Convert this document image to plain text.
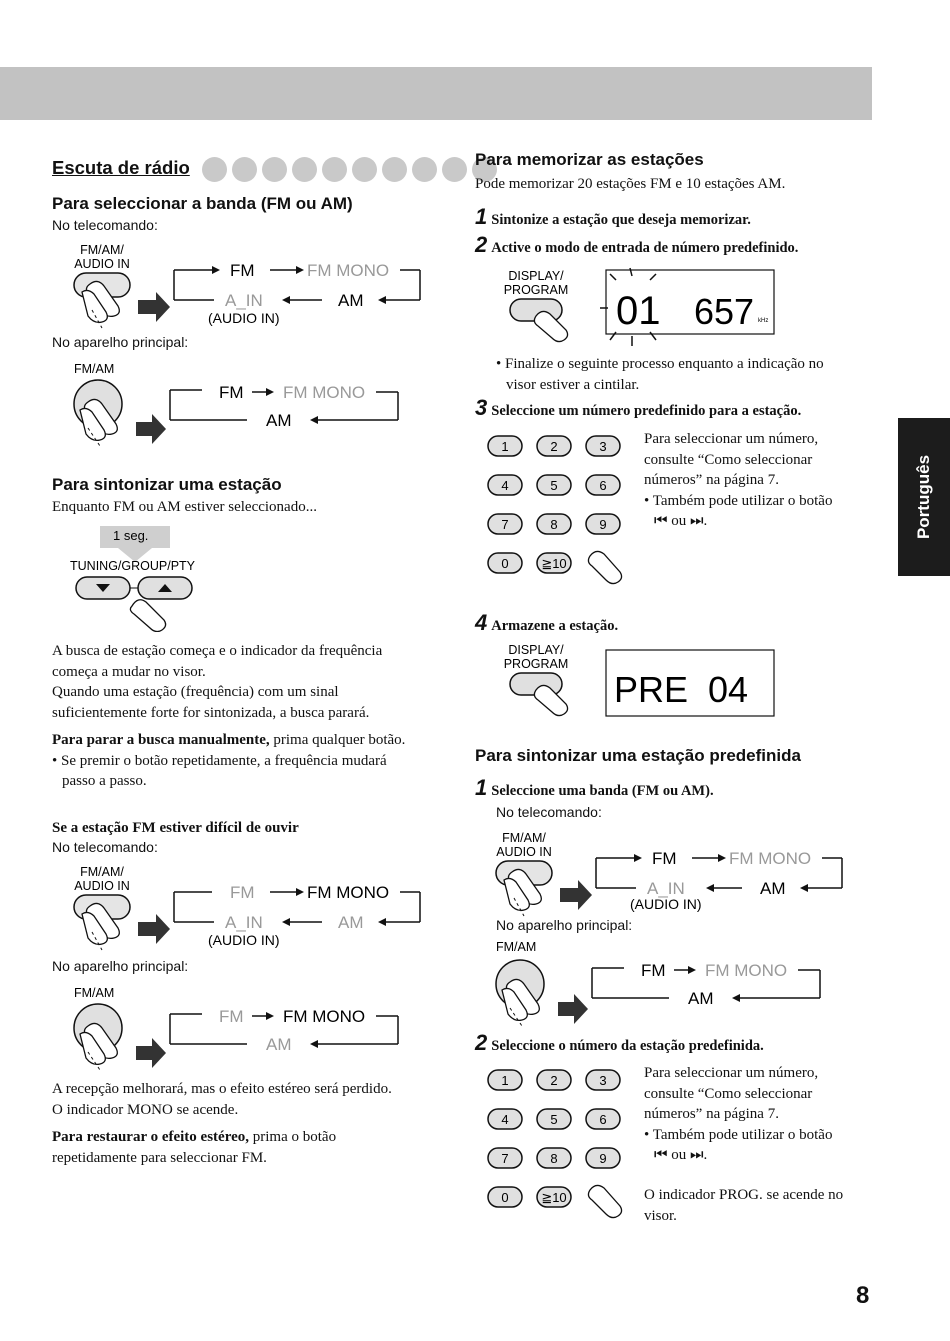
Português
Escuta de rádio
Para seleccionar a banda (FM ou AM)
No telecomando:
FM/AM/
AUDIO IN	FM	FM MONO
AM
A_IN
(AUDIO IN)
No aparelho principal:
FM/AM
FM FM MONO
AM
Para sintonizar uma estação
Enquanto FM ou AM estiver seleccionado...
1 seg.
TUNING/GROUP/PTY
A busca de estação começa e o indicador da frequência
começa a mudar no visor.
Quando uma estação (frequência) com um sinal
suficientemente forte for sintonizada, a busca parará.
Para parar a busca manualmente, prima qualquer botão.
• Se premir o botão repetidamente, a frequência mudará
passo a passo.
Se a estação FM estiver difícil de ouvir
No telecomando:
FM/AM/
AUDIO IN	FM	FM MONO
AM
A_IN
(AUDIO IN)
No aparelho principal:
FM/AM
FM FM MONO
AM
A recepção melhorará, mas o efeito estéreo será perdido.
O indicador MONO se acende.
Para restaurar o efeito estéreo, prima o botão
repetidamente para seleccionar FM.
Para memorizar as estações
Pode memorizar 20 estações FM e 10 estações AM.
1 Sintonize a estação que deseja memorizar.
2 Active o modo de entrada de número predefinido.
DISPLAY/
PROGRAM 01 657 kHz
• Finalize o seguinte processo enquanto a indicação no
visor estiver a cintilar.
3 Seleccione um número predefinido para a estação.
1	2	3
4	5	6
7	8	9
0	≧10
Para seleccionar um número,
consulte “Como seleccionar
números” na página 7.
• Também pode utilizar o botão
⏮ ou ⏭.
4 Armazene a estação.
DISPLAY/
PROGRAM
PRE  04
Para sintonizar uma estação predefinida
1 Seleccione uma banda (FM ou AM).
No telecomando:
FM/AM/
AUDIO IN	FM	FM MONO
AM
A_IN
(AUDIO IN)
No aparelho principal:
FM/AM
FM FM MONO
AM
2 Seleccione o número da estação predefinida.
1	2	3
4	5	6
7	8	9
0	≧10
Para seleccionar um número,
consulte “Como seleccionar
números” na página 7.
• Também pode utilizar o botão
⏮ ou ⏭.
O indicador PROG. se acende no
visor.
8
